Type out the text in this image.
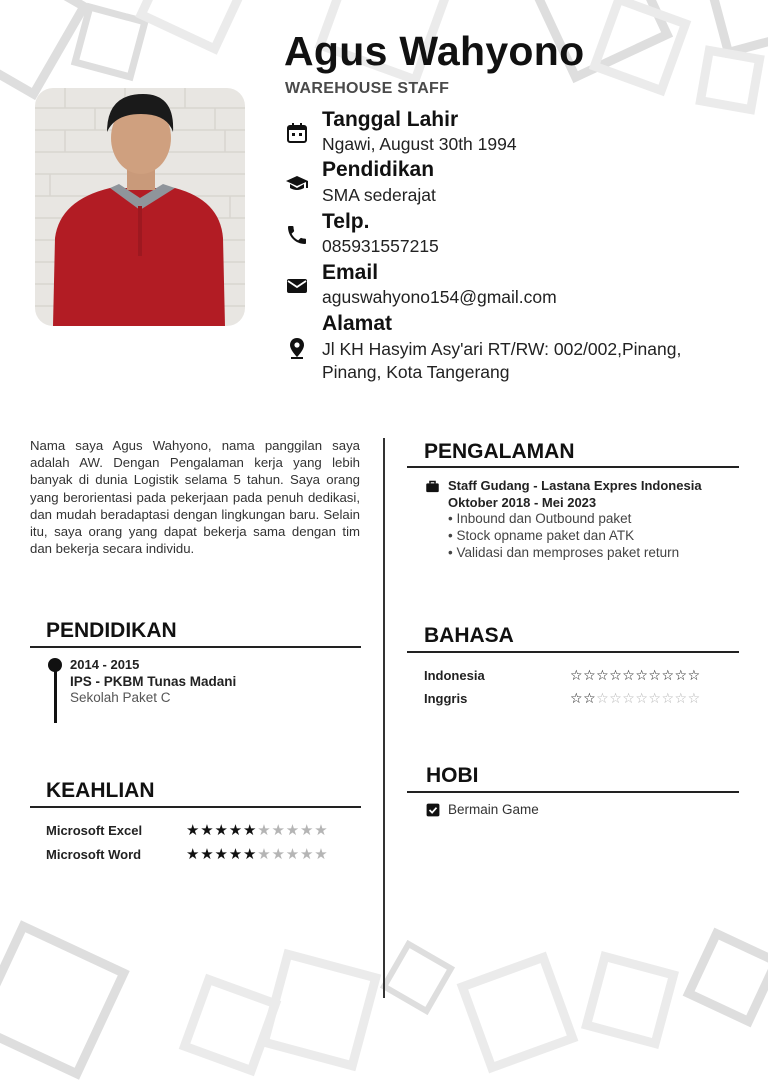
Agus Wahyono
WAREHOUSE STAFF
Tanggal Lahir
Ngawi, August 30th 1994
Pendidikan
SMA sederajat
Telp.
085931557215
Email
aguswahyono154@gmail.com
Alamat
Jl KH Hasyim Asy'ari RT/RW: 002/002,Pinang,
Pinang, Kota Tangerang
Nama saya Agus Wahyono, nama panggilan saya adalah AW. Dengan Pengalaman kerja yang lebih banyak di dunia Logistik selama 5 tahun. Saya orang yang berorientasi pada pekerjaan pada penuh dedikasi, dan mudah beradaptasi dengan lingkungan baru. Selain itu, saya orang yang dapat bekerja sama dengan tim dan bekerja secara individu.
PENDIDIKAN
2014 - 2015
IPS - PKBM Tunas Madani
Sekolah Paket C
KEAHLIAN
Microsoft Excel	★★★★★★★★★★
Microsoft Word	★★★★★★★★★★
PENGALAMAN
Staff Gudang - Lastana Expres Indonesia
Oktober 2018 - Mei 2023
• Inbound dan Outbound paket
• Stock opname paket dan ATK
• Validasi dan memproses paket return
BAHASA
Indonesia	☆☆☆☆☆☆☆☆☆☆
Inggris	☆☆☆☆☆☆☆☆☆☆
HOBI
Bermain Game
